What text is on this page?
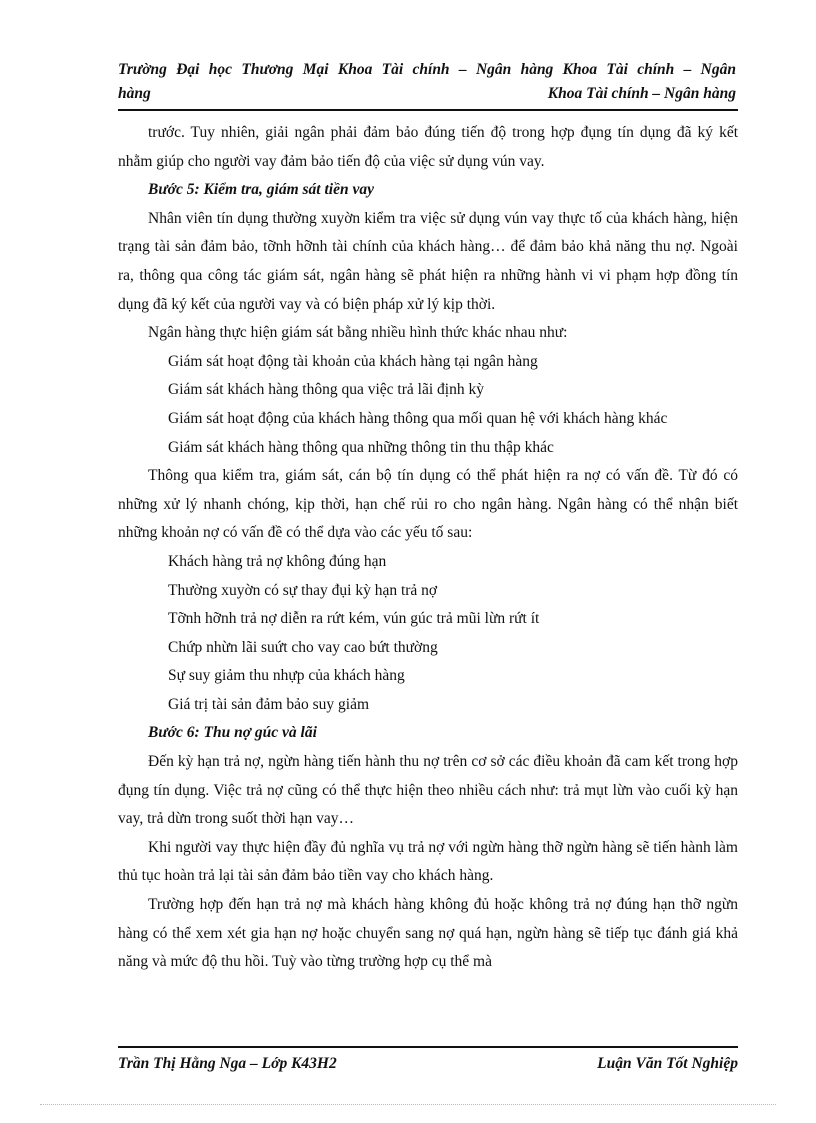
Trường Đại học Thương Mại Khoa Tài chính – Ngân hàng Khoa Tài chính – Ngân
hàng	Khoa Tài chính – Ngân hàng

trước. Tuy nhiên, giải ngân phải đảm bảo đúng tiến độ trong hợp đụng tín dụng đã ký kết nhằm giúp cho người vay đảm bảo tiến độ của việc sử dụng vún vay.

Bước 5: Kiểm tra, giám sát tiền vay

Nhân viên tín dụng thường xuyờn kiểm tra việc sử dụng vún vay thực tố của khách hàng, hiện trạng tài sản đảm bảo, tỡnh hỡnh tài chính của khách hàng… để đảm bảo khả năng thu nợ. Ngoài ra, thông qua công tác giám sát, ngân hàng sẽ phát hiện ra những hành vi vi phạm hợp đồng tín dụng đã ký kết của người vay và có biện pháp xử lý kịp thời.

Ngân hàng thực hiện giám sát bằng nhiều hình thức khác nhau như:

Giám sát hoạt động tài khoản của khách hàng tại ngân hàng

Giám sát khách hàng thông qua việc trả lãi định kỳ

Giám sát hoạt động của khách hàng thông qua mối quan hệ với khách hàng khác

Giám sát khách hàng thông qua những thông tin thu thập khác

Thông qua kiểm tra, giám sát, cán bộ tín dụng có thể phát hiện ra nợ có vấn đề. Từ đó có những xử lý nhanh chóng, kịp thời, hạn chế rủi ro cho ngân hàng. Ngân hàng có thể nhận biết những khoản nợ có vấn đề có thể dựa vào các yếu tố sau:

Khách hàng trả nợ không đúng hạn

Thường xuyờn có sự thay đụi kỳ hạn trả nợ

Tỡnh hỡnh trả nợ diễn ra rứt kém, vún gúc trả mũi lừn rứt ít

Chứp nhừn lãi suứt cho vay cao bứt thường

Sự suy giảm thu nhựp của khách hàng

Giá trị tài sản đảm bảo suy giảm

Bước 6: Thu nợ gúc và lãi

Đến kỳ hạn trả nợ, ngừn hàng tiến hành thu nợ trên cơ sở các điều khoản đã cam kết trong hợp đụng tín dụng. Việc trả nợ cũng có thể thực hiện theo nhiều cách như: trả mụt lừn vào cuối kỳ hạn vay, trả dừn trong suốt thời hạn vay…

Khi người vay thực hiện đầy đủ nghĩa vụ trả nợ với ngừn hàng thỡ ngừn hàng sẽ tiến hành làm thủ tục hoàn trả lại tài sản đảm bảo tiền vay cho khách hàng.

Trường hợp đến hạn trả nợ mà khách hàng không đủ hoặc không trả nợ đúng hạn thỡ ngừn hàng có thể xem xét gia hạn nợ hoặc chuyển sang nợ quá hạn, ngừn hàng sẽ tiếp tục đánh giá khả năng và mức độ thu hồi. Tuỳ vào từng trường hợp cụ thể mà

Trần Thị Hằng Nga – Lớp K43H2	Luận Văn Tốt Nghiệp
